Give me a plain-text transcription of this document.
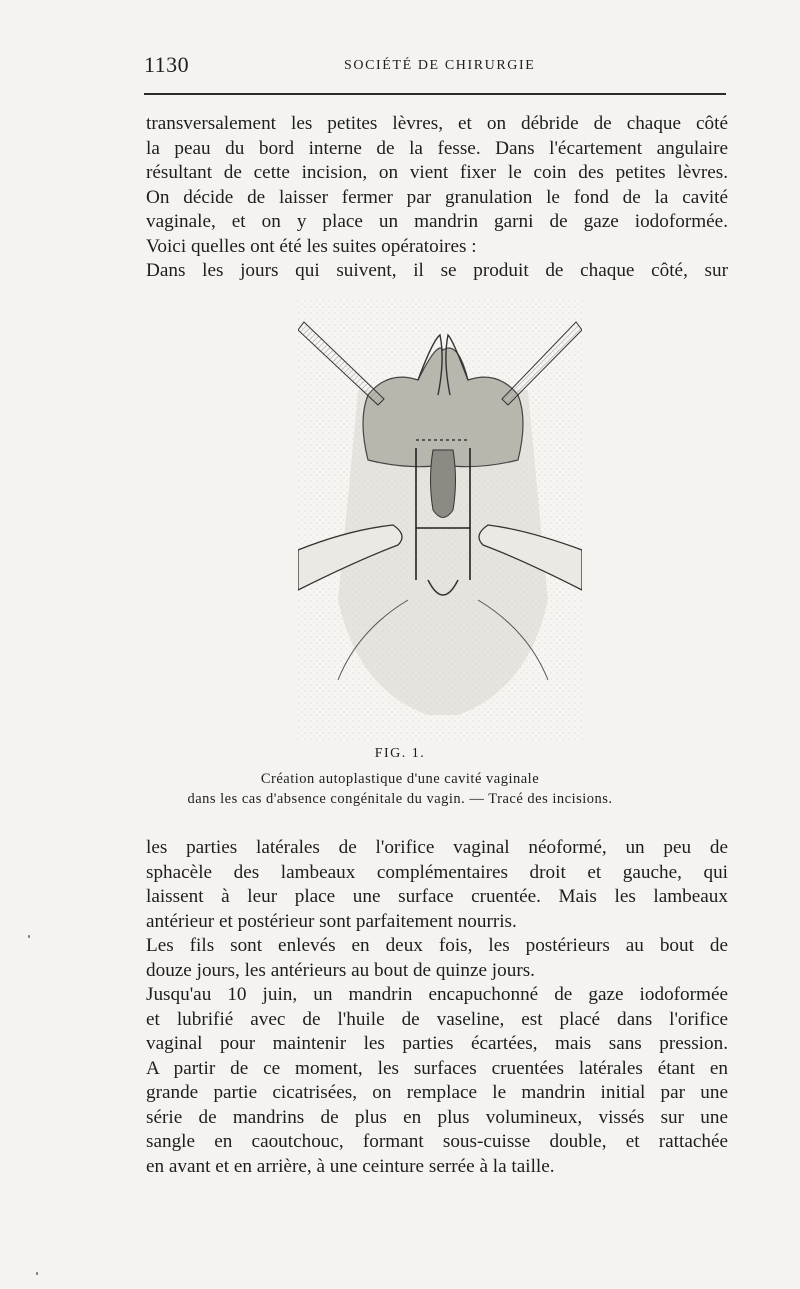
1130	SOCIÉTÉ DE CHIRURGIE

transversalement les petites lèvres, et on débride de chaque côté
la peau du bord interne de la fesse. Dans l'écartement angulaire
résultant de cette incision, on vient fixer le coin des petites lèvres.

On décide de laisser fermer par granulation le fond de la cavité
vaginale, et on y place un mandrin garni de gaze iodoformée.
Voici quelles ont été les suites opératoires :

Dans les jours qui suivent, il se produit de chaque côté, sur

FIG. 1.
Création autoplastique d'une cavité vaginale
dans les cas d'absence congénitale du vagin. — Tracé des incisions.

les parties latérales de l'orifice vaginal néoformé, un peu de
sphacèle des lambeaux complémentaires droit et gauche, qui
laissent à leur place une surface cruentée. Mais les lambeaux
antérieur et postérieur sont parfaitement nourris.

Les fils sont enlevés en deux fois, les postérieurs au bout de
douze jours, les antérieurs au bout de quinze jours.

Jusqu'au 10 juin, un mandrin encapuchonné de gaze iodoformée
et lubrifié avec de l'huile de vaseline, est placé dans l'orifice
vaginal pour maintenir les parties écartées, mais sans pression.

A partir de ce moment, les surfaces cruentées latérales étant en
grande partie cicatrisées, on remplace le mandrin initial par une
série de mandrins de plus en plus volumineux, vissés sur une
sangle en caoutchouc, formant sous-cuisse double, et rattachée
en avant et en arrière, à une ceinture serrée à la taille.
